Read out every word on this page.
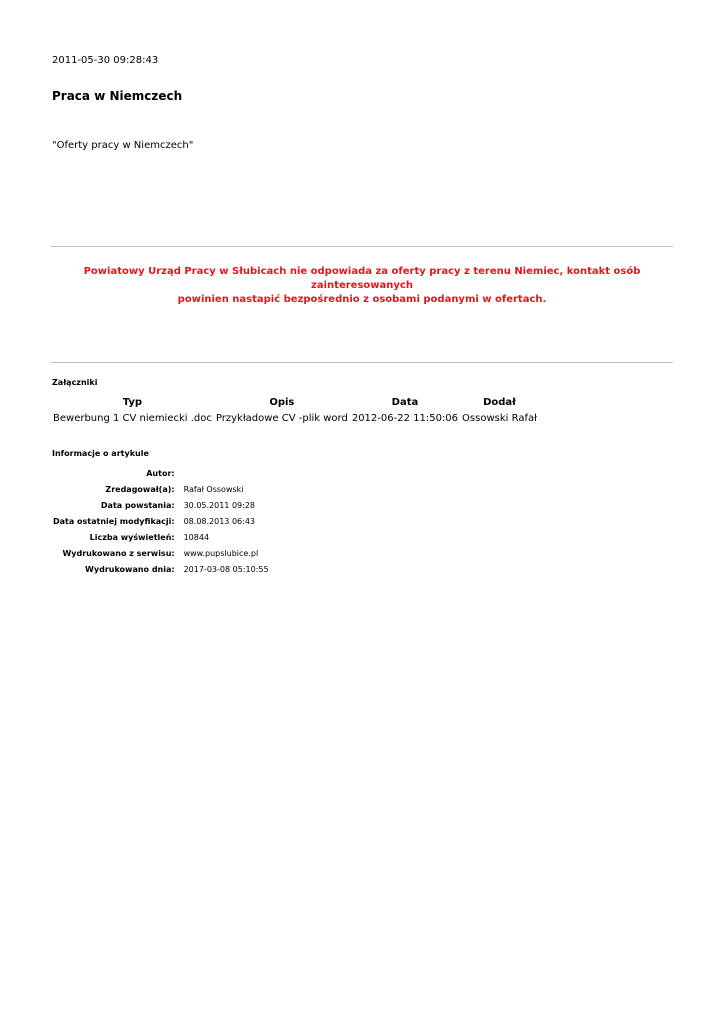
2011-05-30 09:28:43
Praca w Niemczech
"Oferty pracy w Niemczech"
Powiatowy Urząd Pracy w Słubicach nie odpowiada za oferty pracy z terenu Niemiec, kontakt osób zainteresowanych
powinien nastapić bezpośrednio z osobami podanymi w ofertach.
Załączniki
Typ	Opis	Data	Dodał
Bewerbung 1 CV niemiecki .doc	Przykładowe CV -plik word	2012-06-22 11:50:06	Ossowski Rafał
Informacje o artykule
Autor:	
Zredagował(a):	Rafał Ossowski
Data powstania:	30.05.2011 09:28
Data ostatniej modyfikacji:	08.08.2013 06:43
Liczba wyświetleń:	10844
Wydrukowano z serwisu:	www.pupslubice.pl
Wydrukowano dnia:	2017-03-08 05:10:55
